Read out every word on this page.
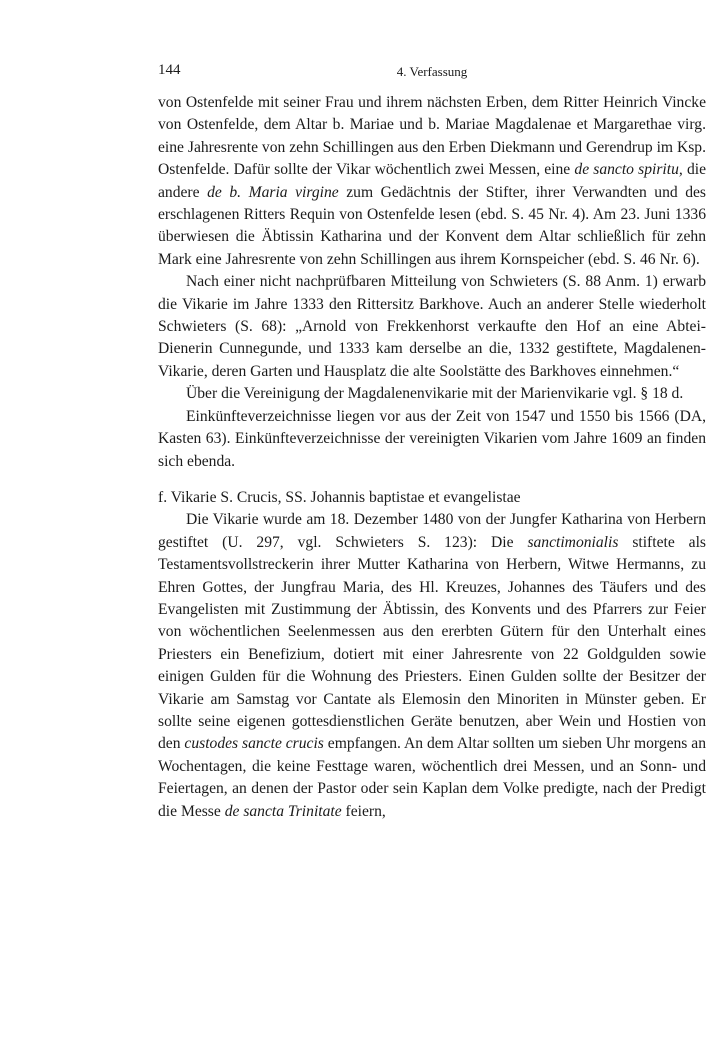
144	4. Verfassung

von Ostenfelde mit seiner Frau und ihrem nächsten Erben, dem Ritter Heinrich Vincke von Ostenfelde, dem Altar b. Mariae und b. Mariae Magdalenae et Margarethae virg. eine Jahresrente von zehn Schillingen aus den Erben Diekmann und Gerendrup im Ksp. Ostenfelde. Dafür sollte der Vikar wöchentlich zwei Messen, eine de sancto spiritu, die andere de b. Maria virgine zum Gedächtnis der Stifter, ihrer Verwandten und des erschlagenen Ritters Requin von Ostenfelde lesen (ebd. S. 45 Nr. 4). Am 23. Juni 1336 überwiesen die Äbtissin Katharina und der Konvent dem Altar schließlich für zehn Mark eine Jahresrente von zehn Schillingen aus ihrem Kornspeicher (ebd. S. 46 Nr. 6).

Nach einer nicht nachprüfbaren Mitteilung von Schwieters (S. 88 Anm. 1) erwarb die Vikarie im Jahre 1333 den Rittersitz Barkhove. Auch an anderer Stelle wiederholt Schwieters (S. 68): „Arnold von Frekkenhorst verkaufte den Hof an eine Abtei-Dienerin Cunnegunde, und 1333 kam derselbe an die, 1332 gestiftete, Magdalenen-Vikarie, deren Garten und Hausplatz die alte Soolstätte des Barkhoves einnehmen.“

Über die Vereinigung der Magdalenenvikarie mit der Marienvikarie vgl. § 18 d.

Einkünfteverzeichnisse liegen vor aus der Zeit von 1547 und 1550 bis 1566 (DA, Kasten 63). Einkünfteverzeichnisse der vereinigten Vikarien vom Jahre 1609 an finden sich ebenda.

f. Vikarie S. Crucis, SS. Johannis baptistae et evangelistae

Die Vikarie wurde am 18. Dezember 1480 von der Jungfer Katharina von Herbern gestiftet (U. 297, vgl. Schwieters S. 123): Die sanctimonialis stiftete als Testamentsvollstreckerin ihrer Mutter Katharina von Herbern, Witwe Hermanns, zu Ehren Gottes, der Jungfrau Maria, des Hl. Kreuzes, Johannes des Täufers und des Evangelisten mit Zustimmung der Äbtissin, des Konvents und des Pfarrers zur Feier von wöchentlichen Seelenmessen aus den ererbten Gütern für den Unterhalt eines Priesters ein Benefizium, dotiert mit einer Jahresrente von 22 Goldgulden sowie einigen Gulden für die Wohnung des Priesters. Einen Gulden sollte der Besitzer der Vikarie am Samstag vor Cantate als Elemosin den Minoriten in Münster geben. Er sollte seine eigenen gottesdienstlichen Geräte benutzen, aber Wein und Hostien von den custodes sancte crucis empfangen. An dem Altar sollten um sieben Uhr morgens an Wochentagen, die keine Festtage waren, wöchentlich drei Messen, und an Sonn- und Feiertagen, an denen der Pastor oder sein Kaplan dem Volke predigte, nach der Predigt die Messe de sancta Trinitate feiern,
